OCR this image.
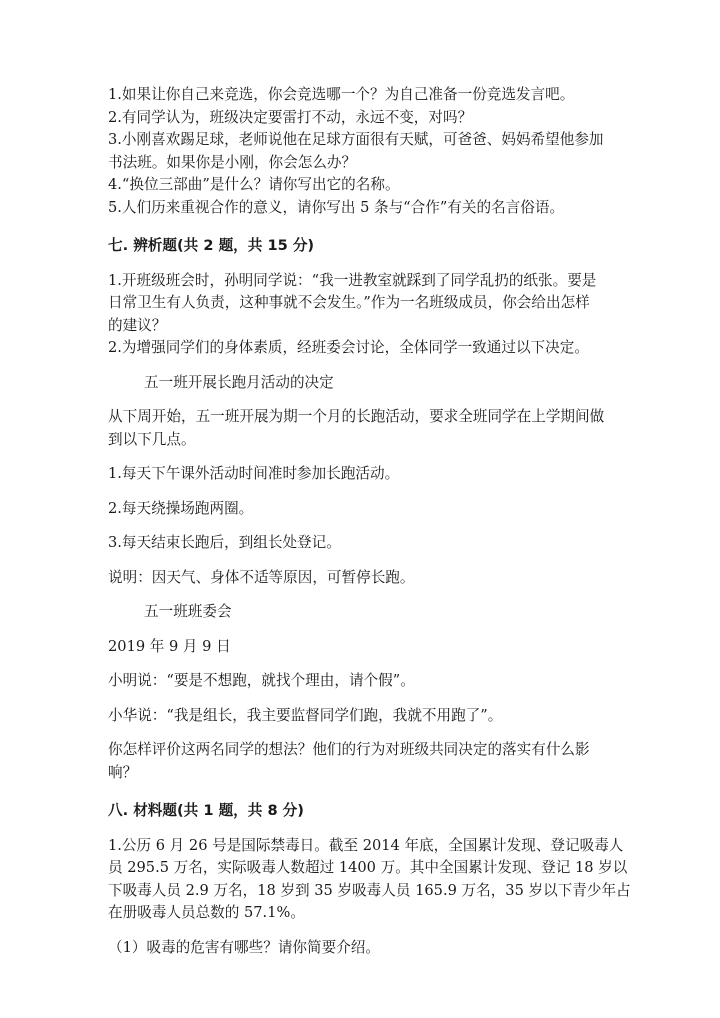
1.如果让你自己来竞选，你会竞选哪一个？为自己准备一份竞选发言吧。
2.有同学认为，班级决定要雷打不动，永远不变，对吗？
3.小刚喜欢踢足球，老师说他在足球方面很有天赋，可爸爸、妈妈希望他参加
书法班。如果你是小刚，你会怎么办？
4.“换位三部曲”是什么？请你写出它的名称。
5.人们历来重视合作的意义，请你写出 5 条与“合作”有关的名言俗语。
七. 辨析题(共 2 题，共 15 分)
1.开班级班会时，孙明同学说：“我一进教室就踩到了同学乱扔的纸张。要是
日常卫生有人负责，这种事就不会发生。”作为一名班级成员，你会给出怎样
的建议？
2.为增强同学们的身体素质，经班委会讨论，全体同学一致通过以下决定。
五一班开展长跑月活动的决定
从下周开始，五一班开展为期一个月的长跑活动，要求全班同学在上学期间做
到以下几点。
1.每天下午课外活动时间准时参加长跑活动。
2.每天绕操场跑两圈。
3.每天结束长跑后，到组长处登记。
说明：因天气、身体不适等原因，可暂停长跑。
五一班班委会
2019 年 9 月 9 日
小明说：“要是不想跑，就找个理由，请个假”。
小华说：“我是组长，我主要监督同学们跑，我就不用跑了”。
你怎样评价这两名同学的想法？他们的行为对班级共同决定的落实有什么影
响？
八. 材料题(共 1 题，共 8 分)
1.公历 6 月 26 号是国际禁毒日。截至 2014 年底，全国累计发现、登记吸毒人
员 295.5 万名，实际吸毒人数超过 1400 万。其中全国累计发现、登记 18 岁以
下吸毒人员 2.9 万名，18 岁到 35 岁吸毒人员 165.9 万名，35 岁以下青少年占
在册吸毒人员总数的 57.1%。
（1）吸毒的危害有哪些？请你简要介绍。
